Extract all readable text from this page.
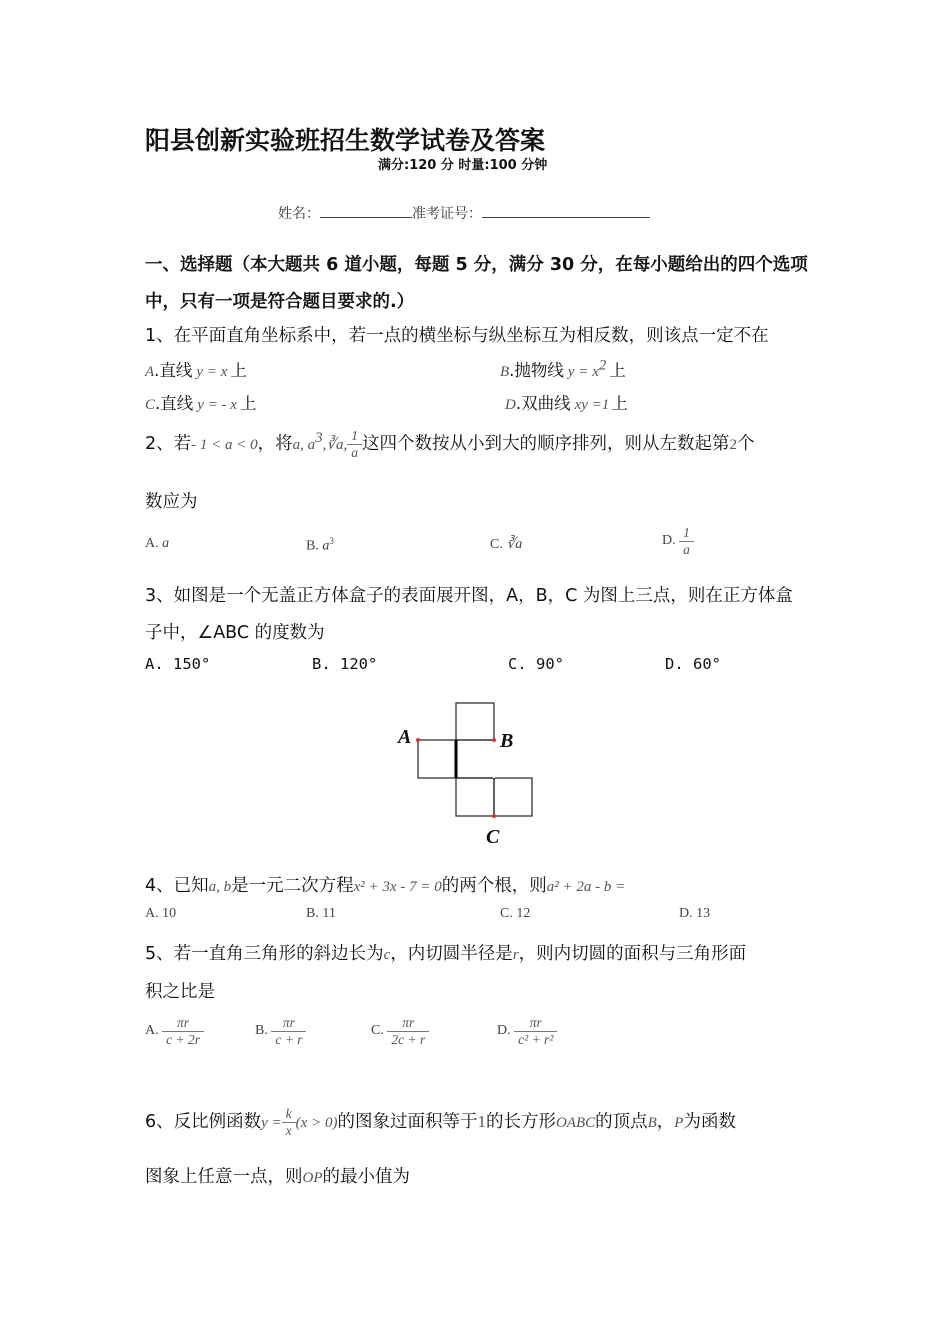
阳县创新实验班招生数学试卷及答案
满分:120 分 时量:100 分钟
姓名：	准考证号：
一、选择题（本大题共 6 道小题，每题 5 分，满分 30 分，在每小题给出的四个选项
中，只有一项是符合题目要求的.）
1、在平面直角坐标系中，若一点的横坐标与纵坐标互为相反数，则该点一定不在
A.直线 y = x 上	B.抛物线 $y = x^2$ 上
C.直线 y = - x 上	D.双曲线 xy =1 上
2、若- 1 < a < 0，将a, $a^3,∛a$, $\frac{1}{a}$ 这四个数按从小到大的顺序排列，则从左数起第2个
数应为
A. a	B. $a^3$	C. ∛a	D. $\frac{1}{a}$
3、如图是一个无盖正方体盒子的表面展开图，A，B，C 为图上三点，则在正方体盒
子中，∠ABC 的度数为
A. 150°	B. 120°	C. 90°	D. 60°
A	B
C
4、已知a, b是一元二次方程x² + 3x - 7 = 0的两个根，则a² + 2a - b =
A. 10	B. 11	C. 12	D. 13
5、若一直角三角形的斜边长为c，内切圆半径是r，则内切圆的面积与三角形面
积之比是
A. $\frac{\pi r}{c + 2r}$	B. $\frac{\pi r}{c + r}$	C. $\frac{\pi r}{2c + r}$	D. $\frac{\pi r}{\text{c² + r²}}$
6、反比例函数$y = \frac{k}{x} (x > 0)$的图象过面积等于1的长方形OABC的顶点B，P为函数
图象上任意一点，则OP的最小值为
